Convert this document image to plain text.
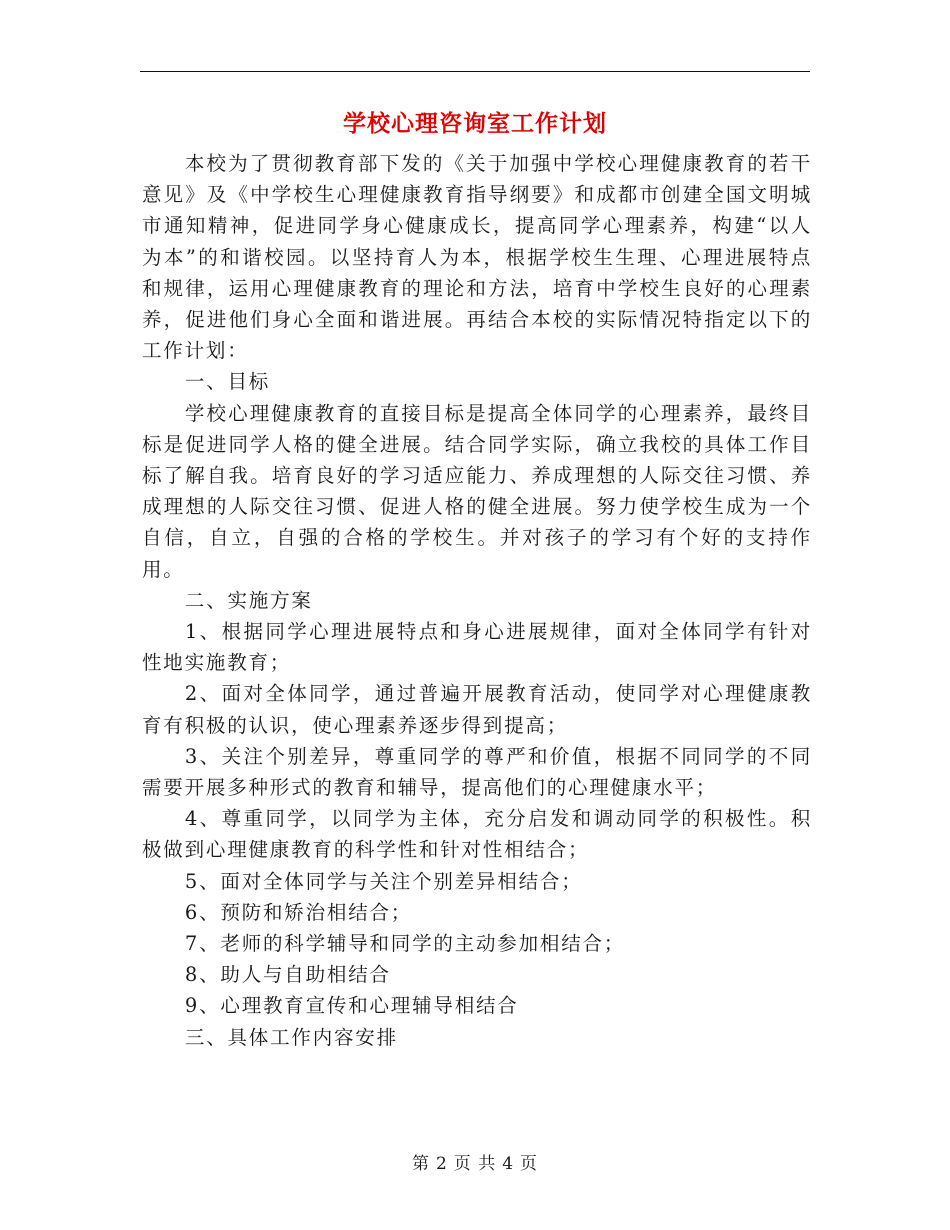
学校心理咨询室工作计划

本校为了贯彻教育部下发的《关于加强中学校心理健康教育的若干意见》及《中学校生心理健康教育指导纲要》和成都市创建全国文明城市通知精神，促进同学身心健康成长，提高同学心理素养，构建“以人为本”的和谐校园。以坚持育人为本，根据学校生生理、心理进展特点和规律，运用心理健康教育的理论和方法，培育中学校生良好的心理素养，促进他们身心全面和谐进展。再结合本校的实际情况特指定以下的工作计划：

一、目标

学校心理健康教育的直接目标是提高全体同学的心理素养，最终目标是促进同学人格的健全进展。结合同学实际，确立我校的具体工作目标了解自我。培育良好的学习适应能力、养成理想的人际交往习惯、养成理想的人际交往习惯、促进人格的健全进展。努力使学校生成为一个自信，自立，自强的合格的学校生。并对孩子的学习有个好的支持作用。

二、实施方案

1、根据同学心理进展特点和身心进展规律，面对全体同学有针对性地实施教育；

2、面对全体同学，通过普遍开展教育活动，使同学对心理健康教育有积极的认识，使心理素养逐步得到提高；

3、关注个别差异，尊重同学的尊严和价值，根据不同同学的不同需要开展多种形式的教育和辅导，提高他们的心理健康水平；

4、尊重同学，以同学为主体，充分启发和调动同学的积极性。积极做到心理健康教育的科学性和针对性相结合；

5、面对全体同学与关注个别差异相结合；

6、预防和矫治相结合；

7、老师的科学辅导和同学的主动参加相结合；

8、助人与自助相结合

9、心理教育宣传和心理辅导相结合

三、具体工作内容安排

第 2 页 共 4 页
